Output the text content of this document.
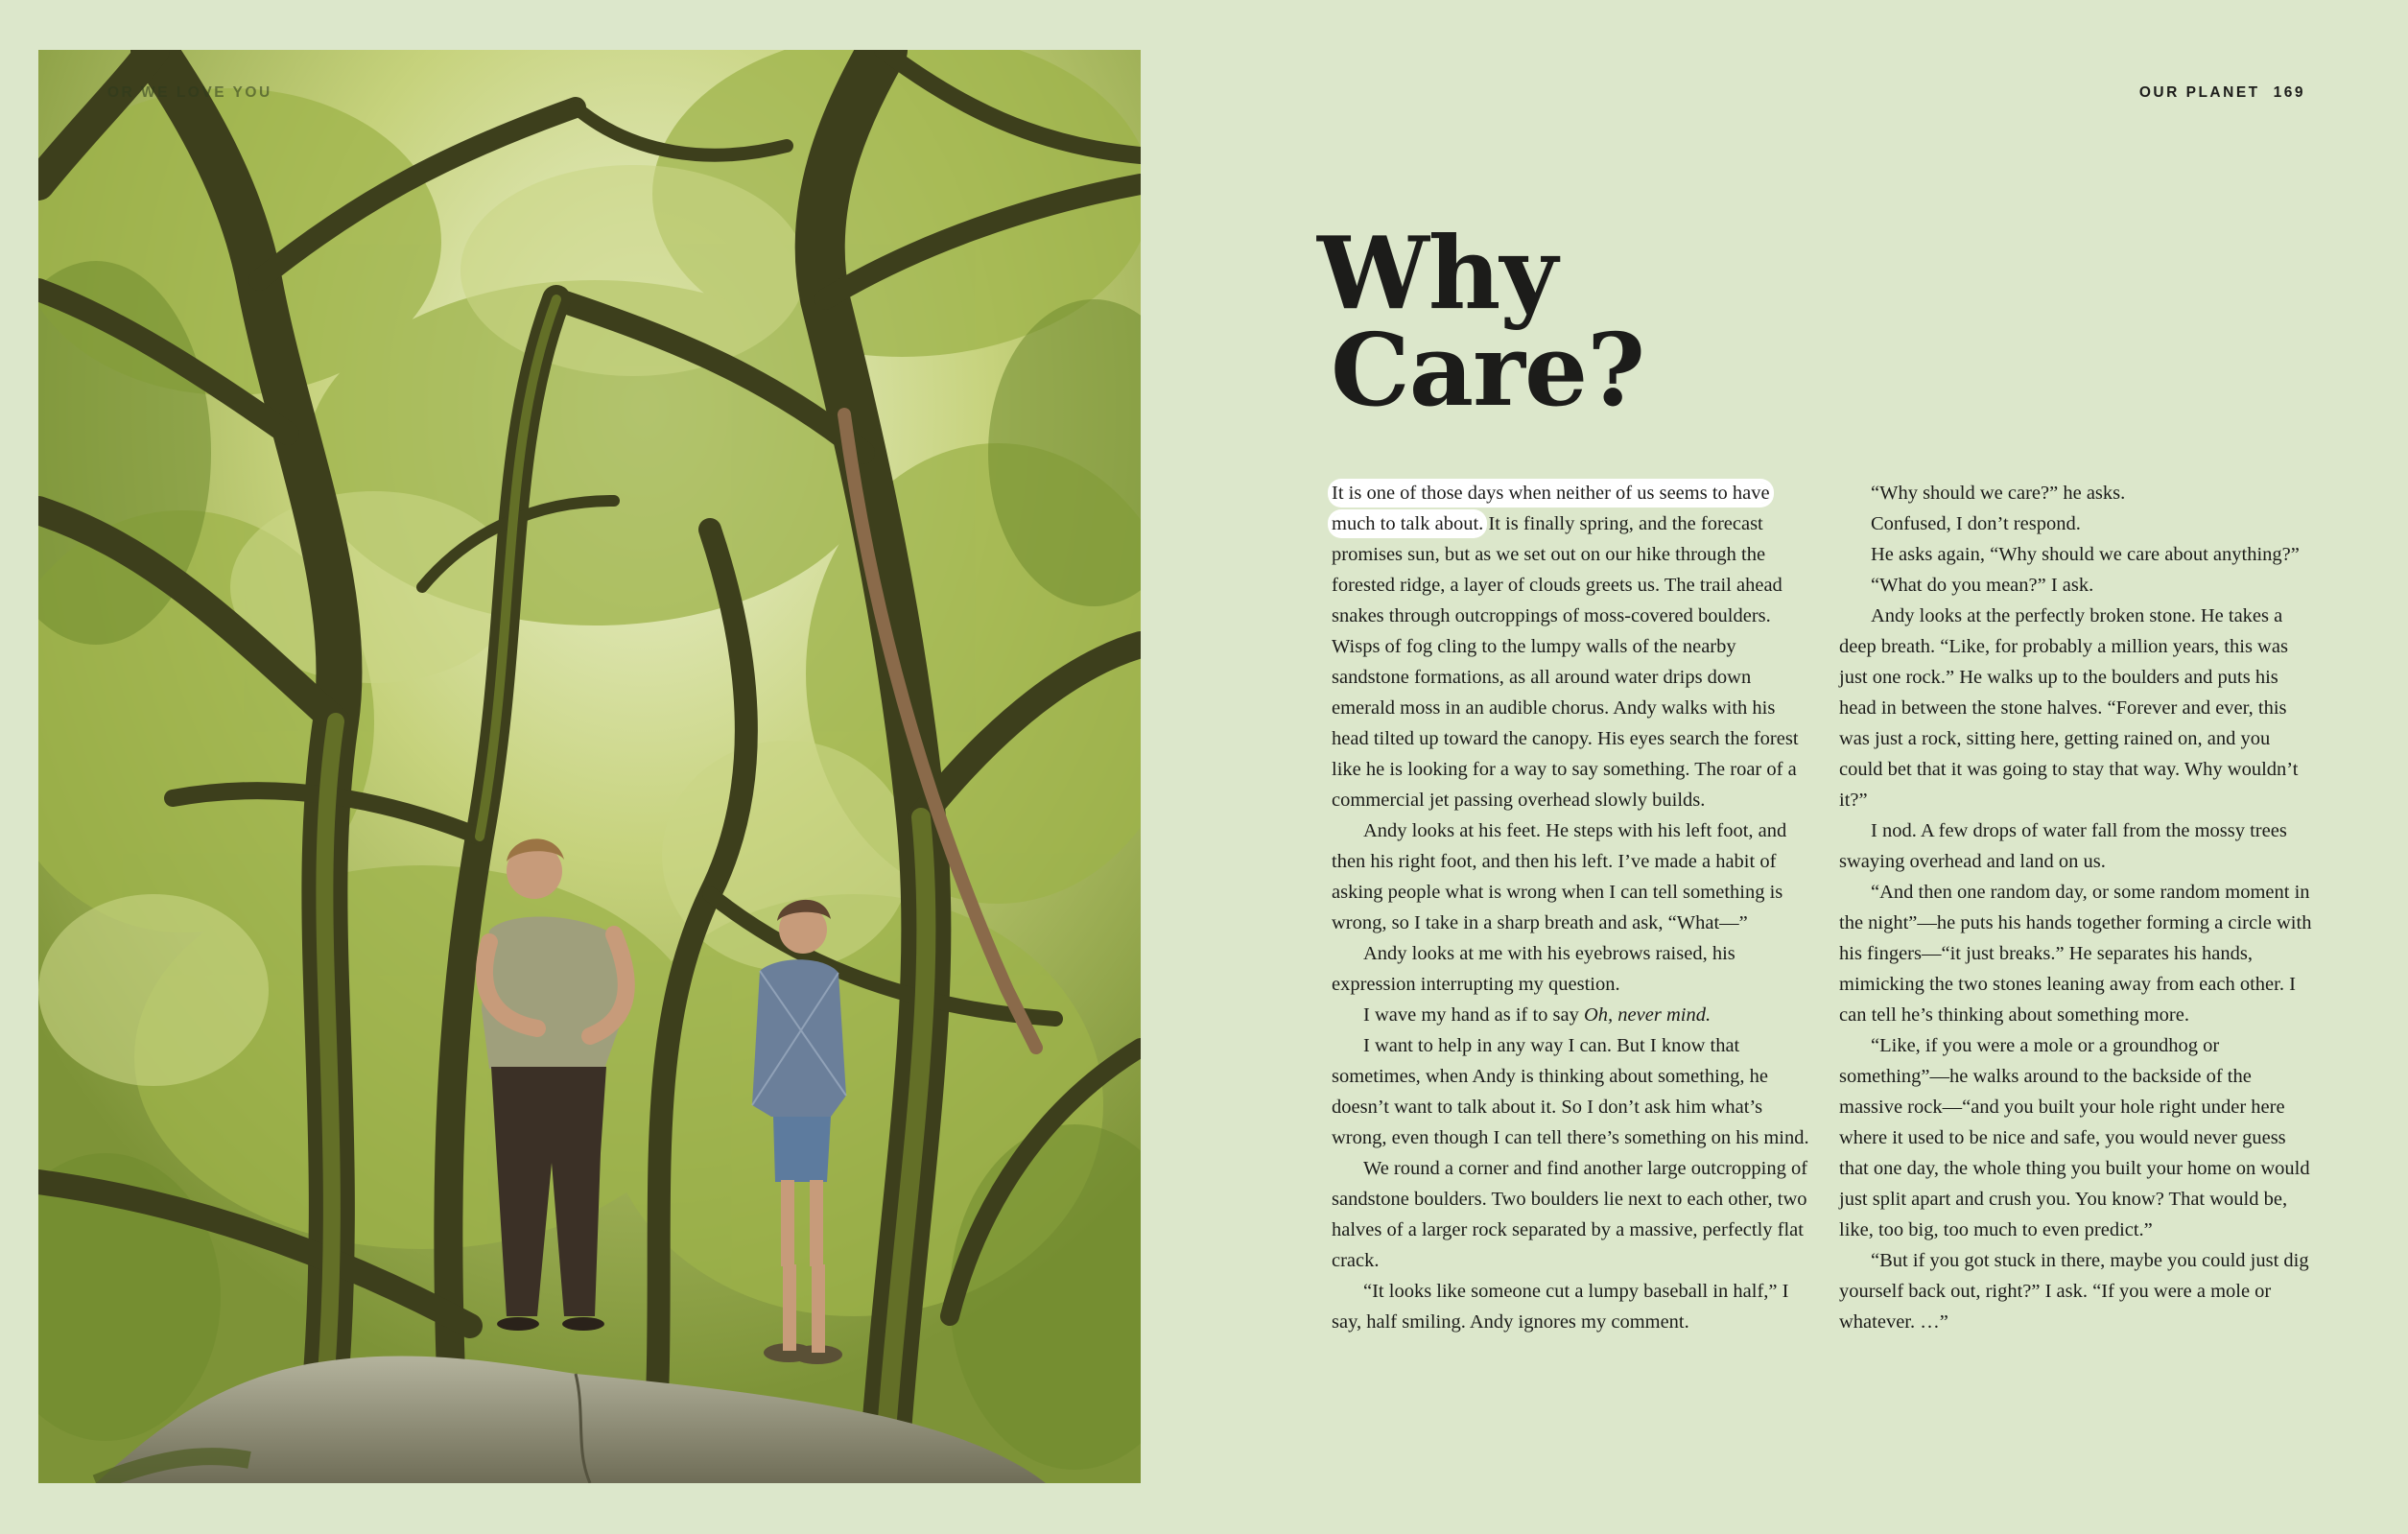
OR WE LOVE YOU	OUR PLANET 169
Why
Care?

It is one of those days when neither of us seems to have much to talk about. It is finally spring, and the forecast promises sun, but as we set out on our hike through the forested ridge, a layer of clouds greets us. The trail ahead snakes through outcroppings of moss-covered boulders. Wisps of fog cling to the lumpy walls of the nearby sandstone formations, as all around water drips down emerald moss in an audible chorus. Andy walks with his head tilted up toward the canopy. His eyes search the forest like he is looking for a way to say something. The roar of a commercial jet passing overhead slowly builds.

Andy looks at his feet. He steps with his left foot, and then his right foot, and then his left. I’ve made a habit of asking people what is wrong when I can tell something is wrong, so I take in a sharp breath and ask, “What—”

Andy looks at me with his eyebrows raised, his expression interrupting my question.

I wave my hand as if to say Oh, never mind.

I want to help in any way I can. But I know that sometimes, when Andy is thinking about something, he doesn’t want to talk about it. So I don’t ask him what’s wrong, even though I can tell there’s something on his mind.

We round a corner and find another large outcropping of sandstone boulders. Two boulders lie next to each other, two halves of a larger rock separated by a massive, perfectly flat crack.

“It looks like someone cut a lumpy baseball in half,” I say, half smiling. Andy ignores my comment.

“Why should we care?” he asks.

Confused, I don’t respond.

He asks again, “Why should we care about anything?”

“What do you mean?” I ask.

Andy looks at the perfectly broken stone. He takes a deep breath. “Like, for probably a million years, this was just one rock.” He walks up to the boulders and puts his head in between the stone halves. “Forever and ever, this was just a rock, sitting here, getting rained on, and you could bet that it was going to stay that way. Why wouldn’t it?”

I nod. A few drops of water fall from the mossy trees swaying overhead and land on us.

“And then one random day, or some random moment in the night”—he puts his hands together forming a circle with his fingers—“it just breaks.” He separates his hands, mimicking the two stones leaning away from each other. I can tell he’s thinking about something more.

“Like, if you were a mole or a groundhog or something”—he walks around to the backside of the massive rock—“and you built your hole right under here where it used to be nice and safe, you would never guess that one day, the whole thing you built your home on would just split apart and crush you. You know? That would be, like, too big, too much to even predict.”

“But if you got stuck in there, maybe you could just dig yourself back out, right?” I ask. “If you were a mole or whatever. …”
